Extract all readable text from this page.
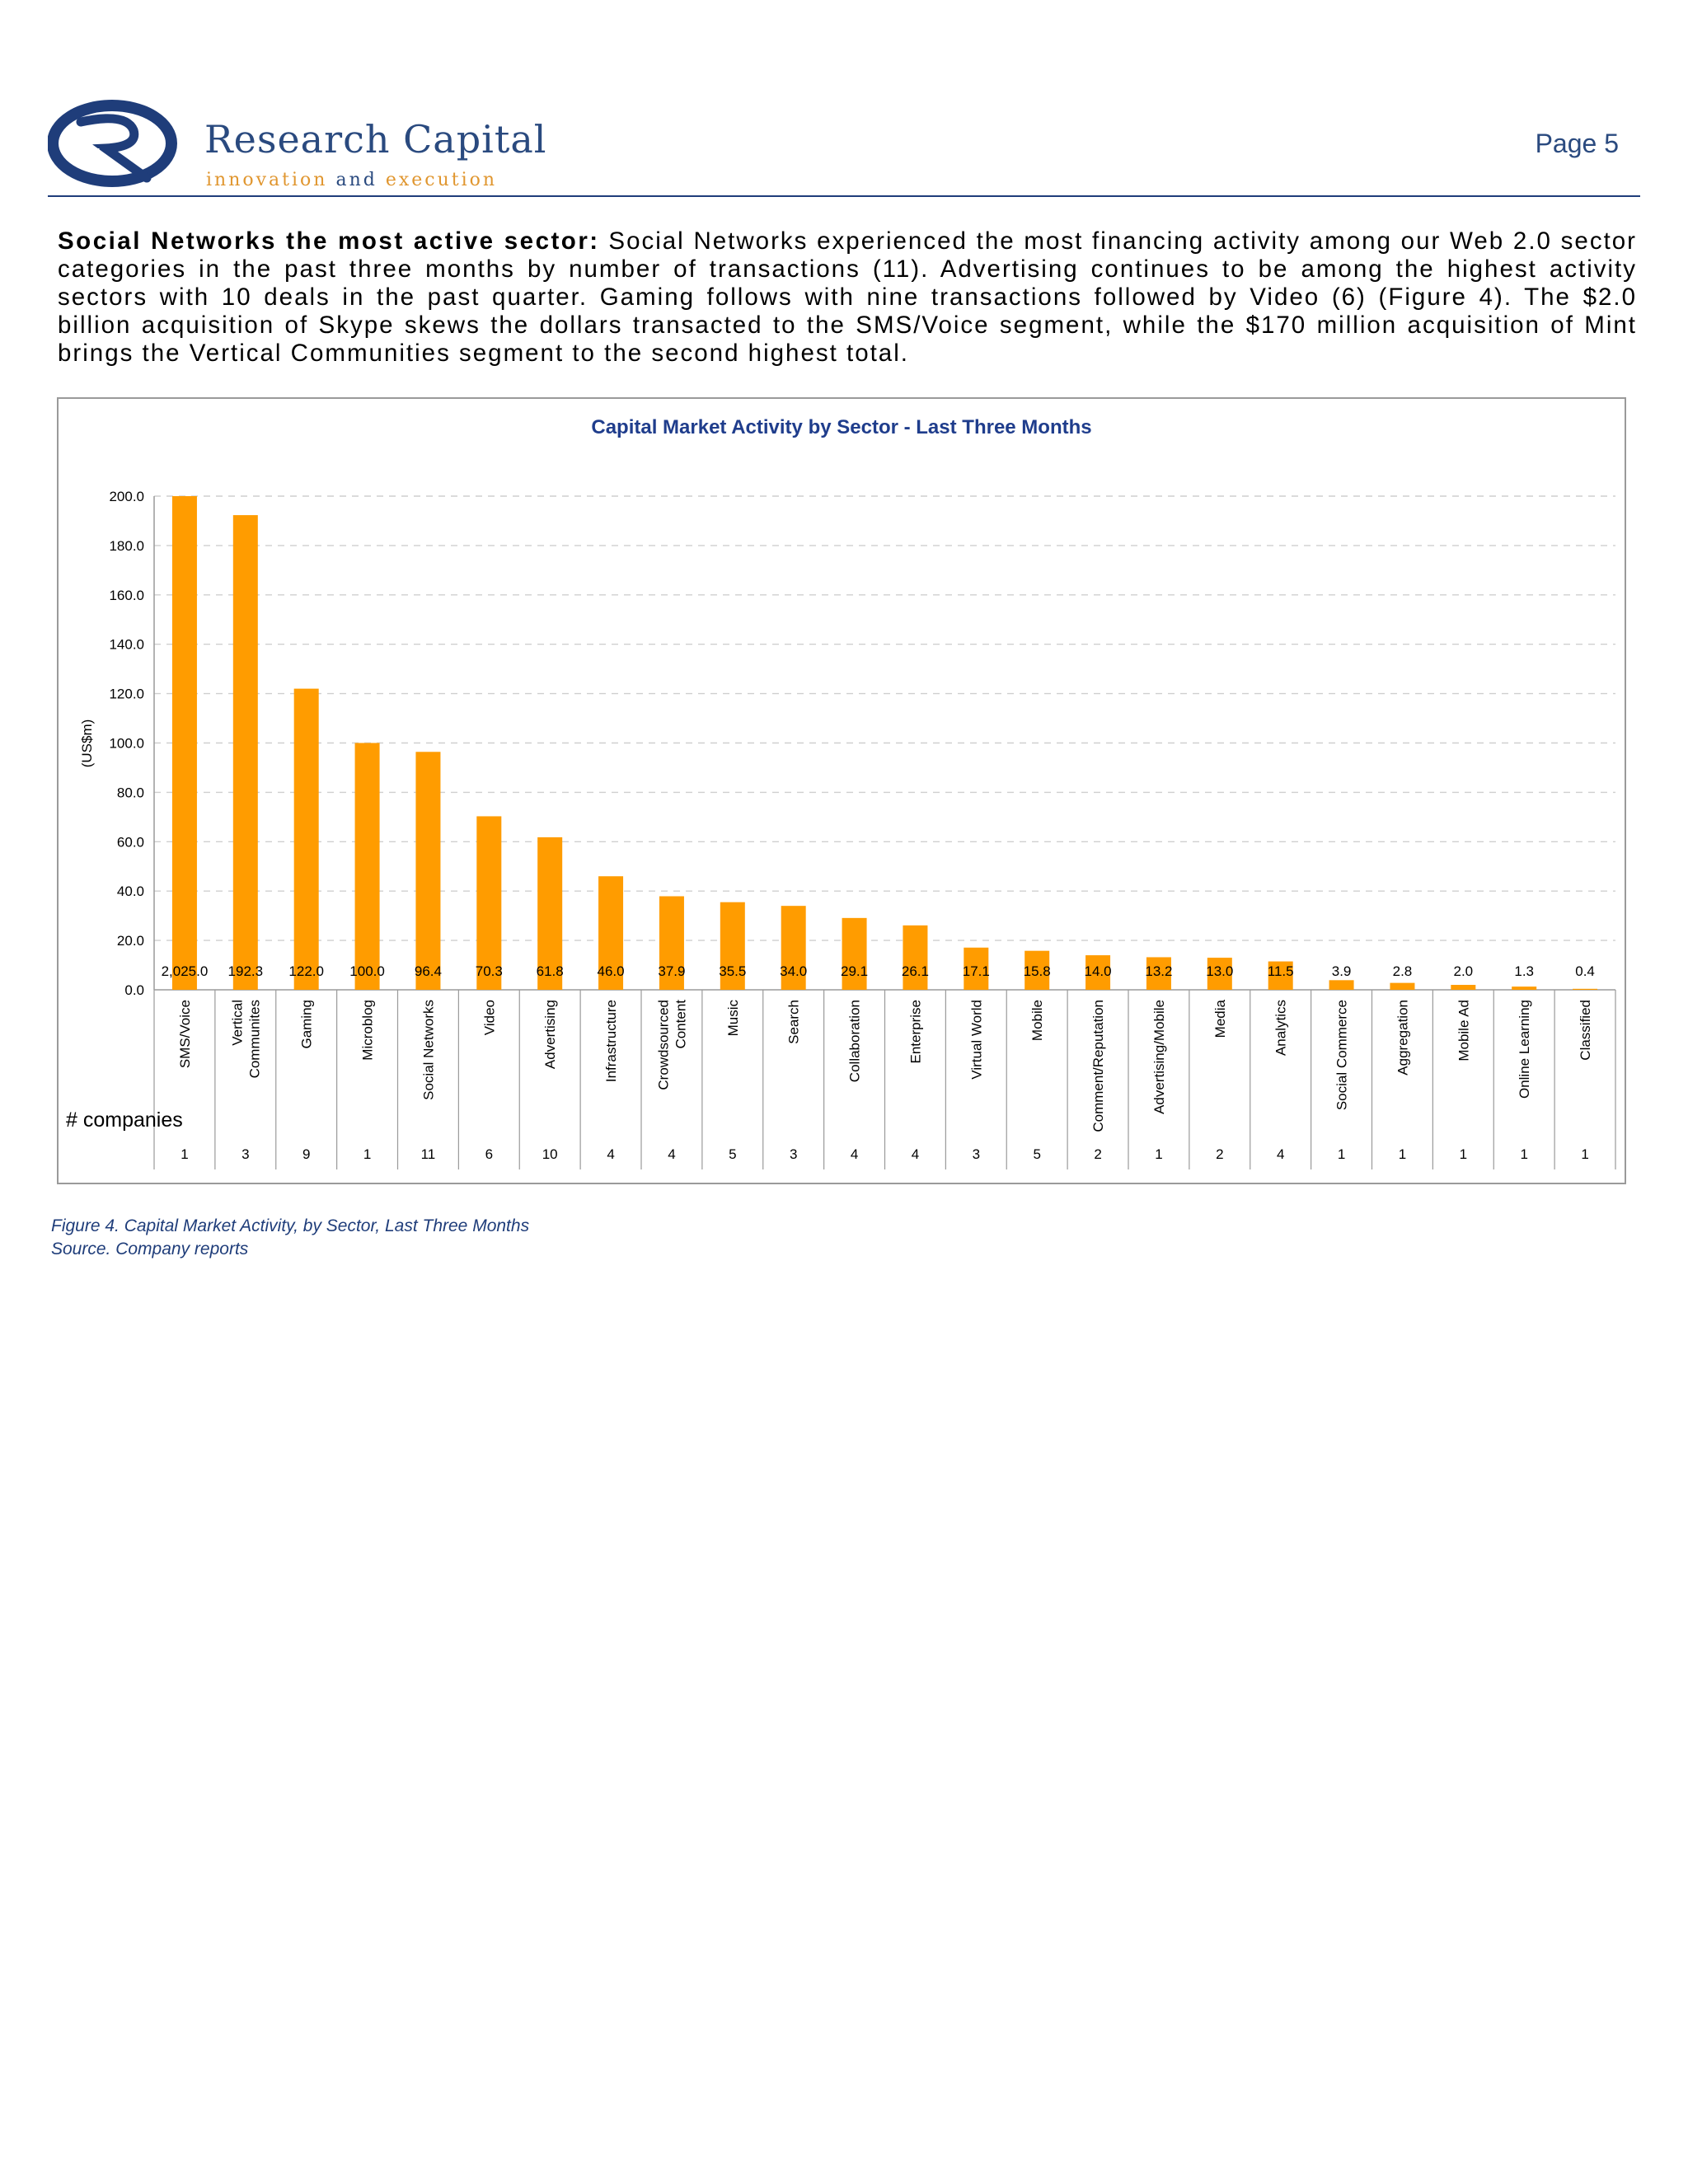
Research Capital
innovation and execution
Page 5
Social Networks the most active sector: Social Networks experienced the most financing activity among our Web 2.0 sector categories in the past three months by number of transactions (11). Advertising continues to be among the highest activity sectors with 10 deals in the past quarter. Gaming follows with nine transactions followed by Video (6) (Figure 4). The $2.0 billion acquisition of Skype skews the dollars transacted to the SMS/Voice segment, while the $170 million acquisition of Mint brings the Vertical Communities segment to the second highest total.
Capital Market Activity by Sector - Last Three Months
0.0
20.0
40.0
60.0
80.0
100.0
120.0
140.0
160.0
180.0
200.0
(US$m)
2,025.0 192.3 122.0 100.0 96.4 70.3 61.8 46.0 37.9 35.5 34.0 29.1 26.1 17.1 15.8 14.0 13.2 13.0 11.5	3.9	2.8	2.0	1.3	0.4
SMS/Voice	Vertical Communites	Gaming	Microblog	Social Networks	Video	Advertising	Infrastructure	Crowdsourced Content	Music	Search	Collaboration	Enterprise	Virtual World	Mobile	Comment/Reputation	Advertising/Mobile	Media	Analytics	Social Commerce	Aggregation	Mobile Ad	Online Learning	Classified
# companies
1	3	9	1	11	6	10	4	4	5	3	4	4	3	5	2	1	2	4	1	1	1	1	1
Figure 4. Capital Market Activity, by Sector, Last Three Months
Source. Company reports
